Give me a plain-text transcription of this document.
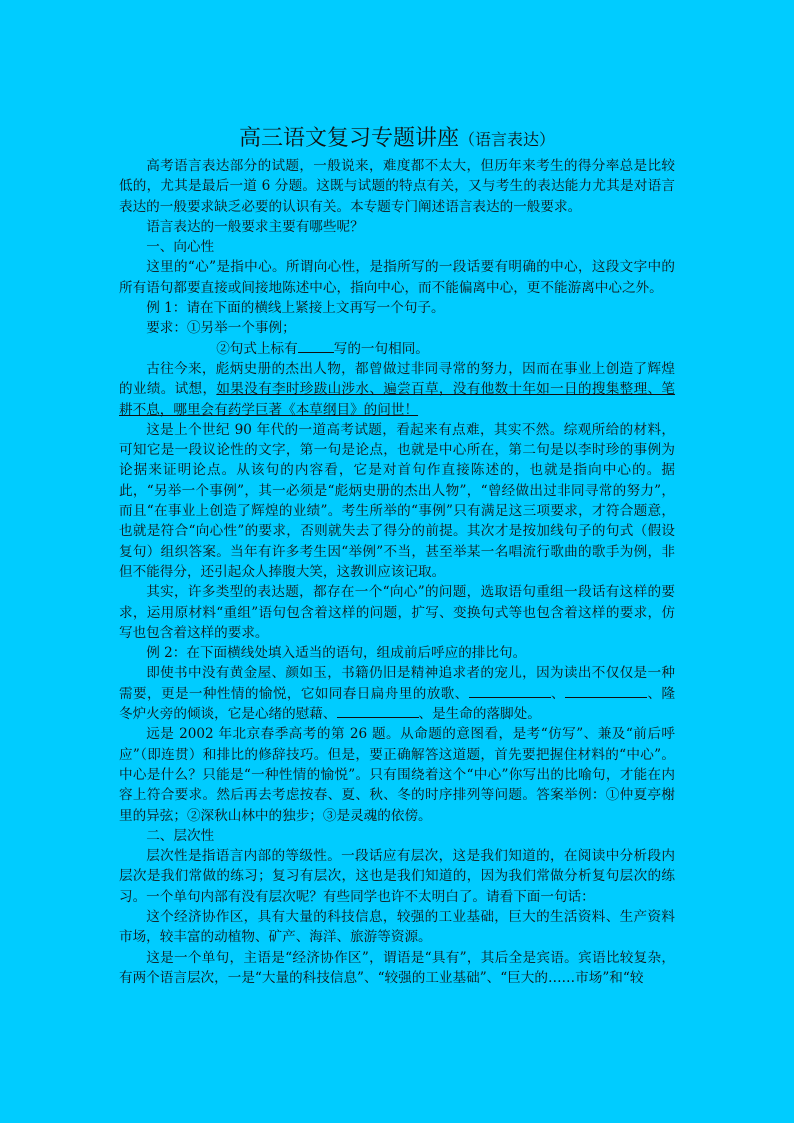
高三语文复习专题讲座（语言表达）

高考语言表达部分的试题，一般说来，难度都不太大，但历年来考生的得分率总是比较低的，尤其是最后一道 6 分题。这既与试题的特点有关，又与考生的表达能力尤其是对语言表达的一般要求缺乏必要的认识有关。本专题专门阐述语言表达的一般要求。

语言表达的一般要求主要有哪些呢？

一、向心性

这里的“心”是指中心。所谓向心性，是指所写的一段话要有明确的中心，这段文字中的所有语句都要直接或间接地陈述中心，指向中心，而不能偏离中心，更不能游离中心之外。

例 1：请在下面的横线上紧接上文再写一个句子。

要求：①另举一个事例；

②句式上标有	写的一句相同。

古往今来，彪炳史册的杰出人物，都曾做过非同寻常的努力，因而在事业上创造了辉煌的业绩。试想，如果没有李时珍跋山涉水、遍尝百草，没有他数十年如一日的搜集整理、笔耕不息，哪里会有药学巨著《本草纲目》的问世！

这是上个世纪 90 年代的一道高考试题，看起来有点难，其实不然。综观所给的材料，可知它是一段议论性的文字，第一句是论点，也就是中心所在，第二句是以李时珍的事例为论据来证明论点。从该句的内容看，它是对首句作直接陈述的，也就是指向中心的。据此，“另举一个事例”，其一必须是“彪炳史册的杰出人物”，“曾经做出过非同寻常的努力”，而且“在事业上创造了辉煌的业绩”。考生所举的“事例”只有满足这三项要求，才符合题意，也就是符合“向心性”的要求，否则就失去了得分的前提。其次才是按加线句子的句式（假设复句）组织答案。当年有许多考生因“举例”不当，甚至举某一名唱流行歌曲的歌手为例，非但不能得分，还引起众人捧腹大笑，这教训应该记取。

其实，许多类型的表达题，都存在一个“向心”的问题，选取语句重组一段话有这样的要求，运用原材料“重组”语句包含着这样的问题，扩写、变换句式等也包含着这样的要求，仿写也包含着这样的要求。

例 2：在下面横线处填入适当的语句，组成前后呼应的排比句。

即使书中没有黄金屋、颜如玉，书籍仍旧是精神追求者的宠儿，因为读出不仅仅是一种需要，更是一种性情的愉悦，它如同春日扁舟里的放歌、	、	、隆冬炉火旁的倾谈，它是心绪的慰藉、	、是生命的落脚处。

远是 2002 年北京春季高考的第 26 题。从命题的意图看，是考“仿写”、兼及“前后呼应”（即连贯）和排比的修辞技巧。但是，要正确解答这道题，首先要把握住材料的“中心”。中心是什么？只能是“一种性情的愉悦”。只有围绕着这个“中心”你写出的比喻句，才能在内容上符合要求。然后再去考虑按春、夏、秋、冬的时序排列等问题。答案举例：①仲夏亭榭里的异弦；②深秋山林中的独步；③是灵魂的依傍。

二、层次性

层次性是指语言内部的等级性。一段话应有层次，这是我们知道的，在阅读中分析段内层次是我们常做的练习；复习有层次，这也是我们知道的，因为我们常做分析复句层次的练习。一个单句内部有没有层次呢？有些同学也许不太明白了。请看下面一句话：

这个经济协作区，具有大量的科技信息，较强的工业基础，巨大的生活资料、生产资料市场，较丰富的动植物、矿产、海洋、旅游等资源。

这是一个单句，主语是“经济协作区”，谓语是“具有”，其后全是宾语。宾语比较复杂，有两个语言层次，一是“大量的科技信息”、“较强的工业基础”、“巨大的……市场”和“较
